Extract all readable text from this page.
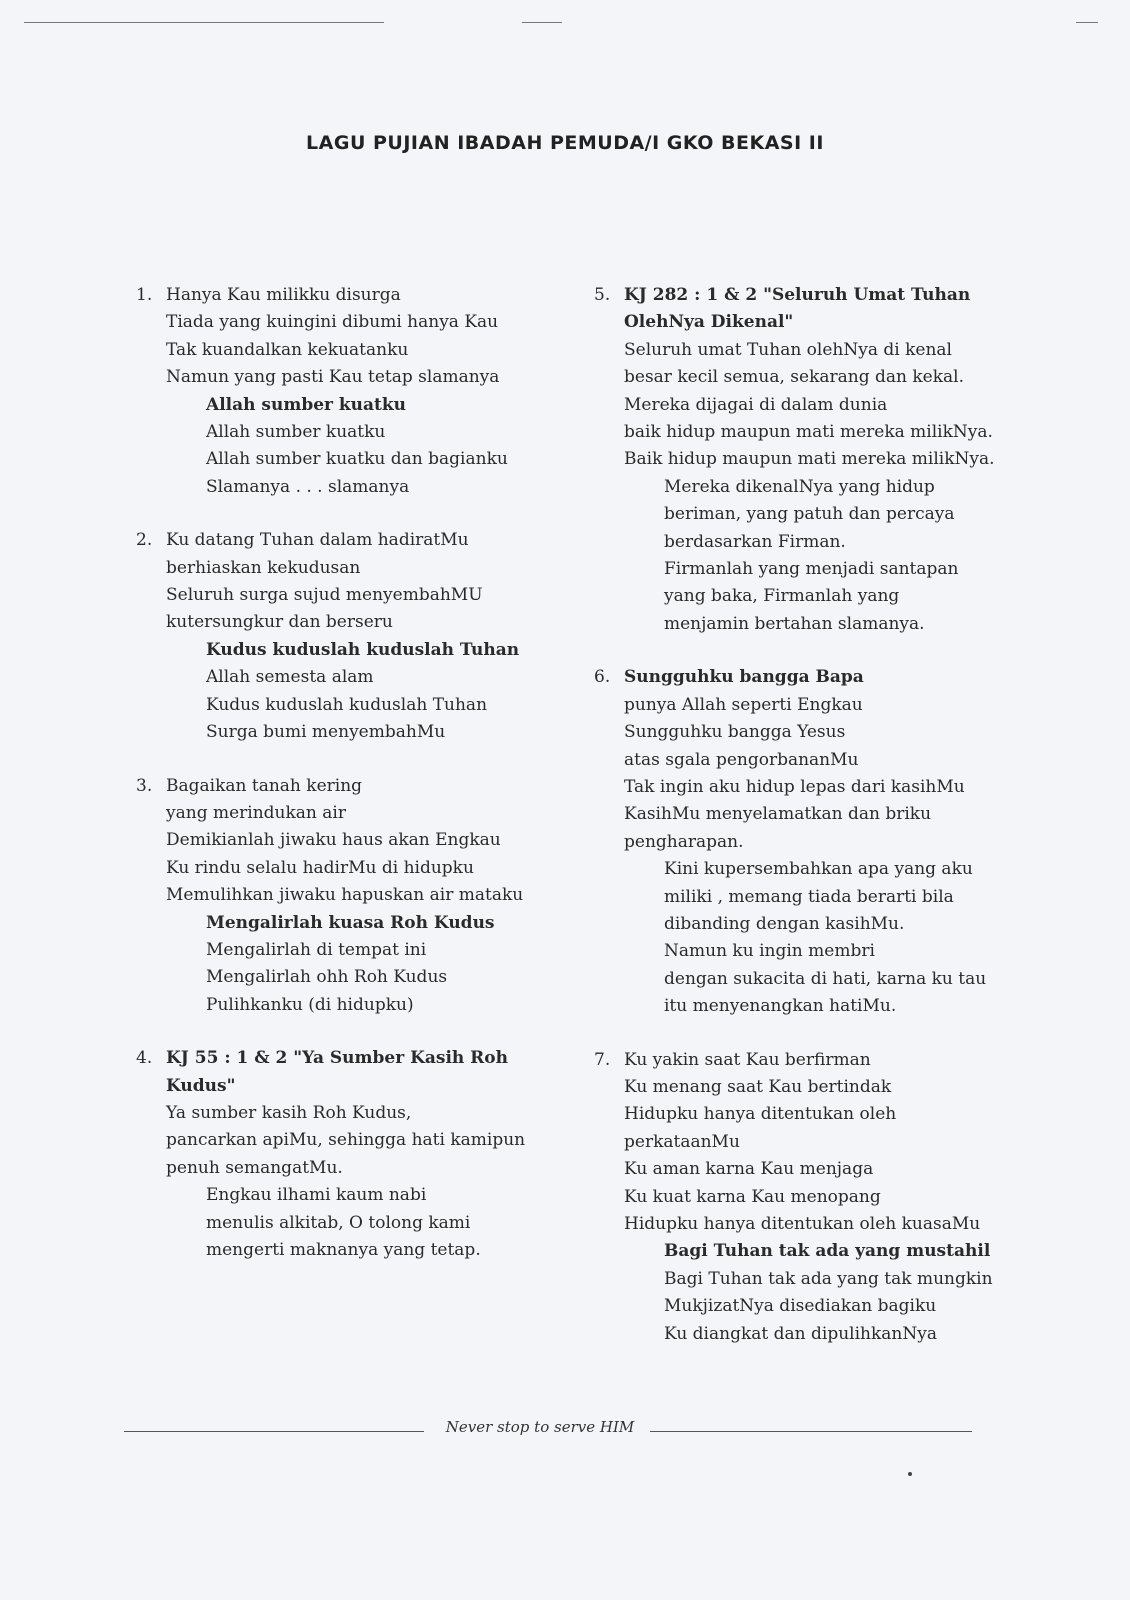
LAGU PUJIAN IBADAH PEMUDA/I GKO BEKASI II
1. Hanya Kau milikku disurga
Tiada yang kuingini dibumi hanya Kau
Tak kuandalkan kekuatanku
Namun yang pasti Kau tetap slamanya
Allah sumber kuatku
Allah sumber kuatku
Allah sumber kuatku dan bagianku
Slamanya . . . slamanya
2. Ku datang Tuhan dalam hadiratMu
berhiaskan kekudusan
Seluruh surga sujud menyembahMU
kutersungkur dan berseru
Kudus kuduslah kuduslah Tuhan
Allah semesta alam
Kudus kuduslah kuduslah Tuhan
Surga bumi menyembahMu
3. Bagaikan tanah kering
yang merindukan air
Demikianlah jiwaku haus akan Engkau
Ku rindu selalu hadirMu di hidupku
Memulihkan jiwaku hapuskan air mataku
Mengalirlah kuasa Roh Kudus
Mengalirlah di tempat ini
Mengalirlah ohh Roh Kudus
Pulihkanku (di hidupku)
4. KJ 55 : 1 & 2 "Ya Sumber Kasih Roh
Kudus"
Ya sumber kasih Roh Kudus,
pancarkan apiMu, sehingga hati kamipun
penuh semangatMu.
Engkau ilhami kaum nabi
menulis alkitab, O tolong kami
mengerti maknanya yang tetap.
5. KJ 282 : 1 & 2 "Seluruh Umat Tuhan
OlehNya Dikenal"
Seluruh umat Tuhan olehNya di kenal
besar kecil semua, sekarang dan kekal.
Mereka dijagai di dalam dunia
baik hidup maupun mati mereka milikNya.
Baik hidup maupun mati mereka milikNya.
Mereka dikenalNya yang hidup
beriman, yang patuh dan percaya
berdasarkan Firman.
Firmanlah yang menjadi santapan
yang baka, Firmanlah yang
menjamin bertahan slamanya.
6. Sungguhku bangga Bapa
punya Allah seperti Engkau
Sungguhku bangga Yesus
atas sgala pengorbananMu
Tak ingin aku hidup lepas dari kasihMu
KasihMu menyelamatkan dan briku
pengharapan.
Kini kupersembahkan apa yang aku
miliki , memang tiada berarti bila
dibanding dengan kasihMu.
Namun ku ingin membri
dengan sukacita di hati, karna ku tau
itu menyenangkan hatiMu.
7. Ku yakin saat Kau berfirman
Ku menang saat Kau bertindak
Hidupku hanya ditentukan oleh
perkataanMu
Ku aman karna Kau menjaga
Ku kuat karna Kau menopang
Hidupku hanya ditentukan oleh kuasaMu
Bagi Tuhan tak ada yang mustahil
Bagi Tuhan tak ada yang tak mungkin
MukjizatNya disediakan bagiku
Ku diangkat dan dipulihkanNya
Never stop to serve HIM
